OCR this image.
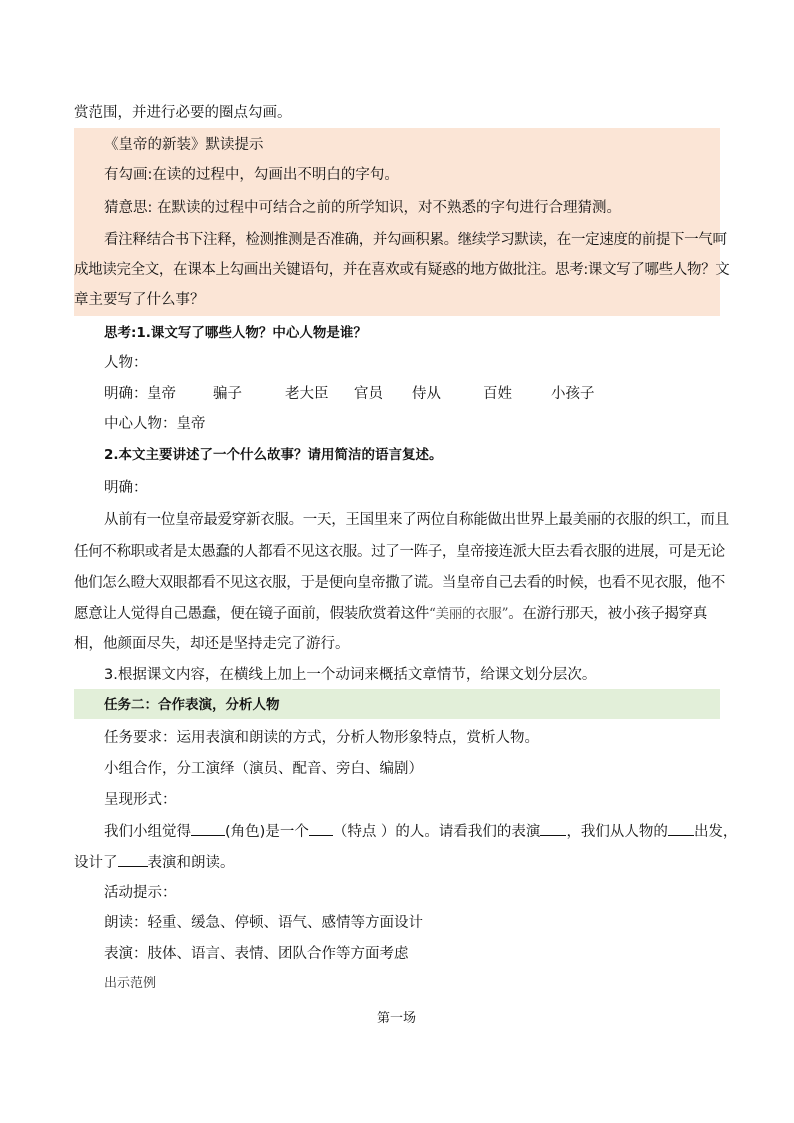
赏范围，并进行必要的圈点勾画。
《皇帝的新装》默读提示
有勾画:在读的过程中，勾画出不明白的字句。
猜意思: 在默读的过程中可结合之前的所学知识，对不熟悉的字句进行合理猜测。
看注释结合书下注释，检测推测是否准确，并勾画积累。继续学习默读，在一定速度的前提下一气呵
成地读完全文，在课本上勾画出关键语句，并在喜欢或有疑惑的地方做批注。思考:课文写了哪些人物？文
章主要写了什么事？
思考:1.课文写了哪些人物？中心人物是谁？
人物：
明确： 皇帝	骗子	老大臣 官员 侍从	百姓	小孩子
中心人物：皇帝
2.本文主要讲述了一个什么故事？请用简洁的语言复述。
明确：
从前有一位皇帝最爱穿新衣服。一天，王国里来了两位自称能做出世界上最美丽的衣服的织工，而且
任何不称职或者是太愚蠢的人都看不见这衣服。过了一阵子，皇帝接连派大臣去看衣服的进展，可是无论
他们怎么瞪大双眼都看不见这衣服，于是便向皇帝撒了谎。当皇帝自己去看的时候，也看不见衣服，他不
愿意让人觉得自己愚蠢，便在镜子面前，假装欣赏着这件“美丽的衣服”。在游行那天，被小孩子揭穿真
相，他颜面尽失，却还是坚持走完了游行。
3.根据课文内容，在横线上加上一个动词来概括文章情节，给课文划分层次。
任务二：合作表演，分析人物
任务要求：运用表演和朗读的方式，分析人物形象特点，赏析人物。
小组合作，分工演绎（演员、配音、旁白、编剧）
呈现形式：
我们小组觉得 (角色)是一个 （特点 ）的人。请看我们的表演 ，我们从人物的 出发，
设计了 表演和朗读。
活动提示：
朗读：轻重、缓急、停顿、语气、感情等方面设计
表演：肢体、语言、表情、团队合作等方面考虑
出示范例
第一场
